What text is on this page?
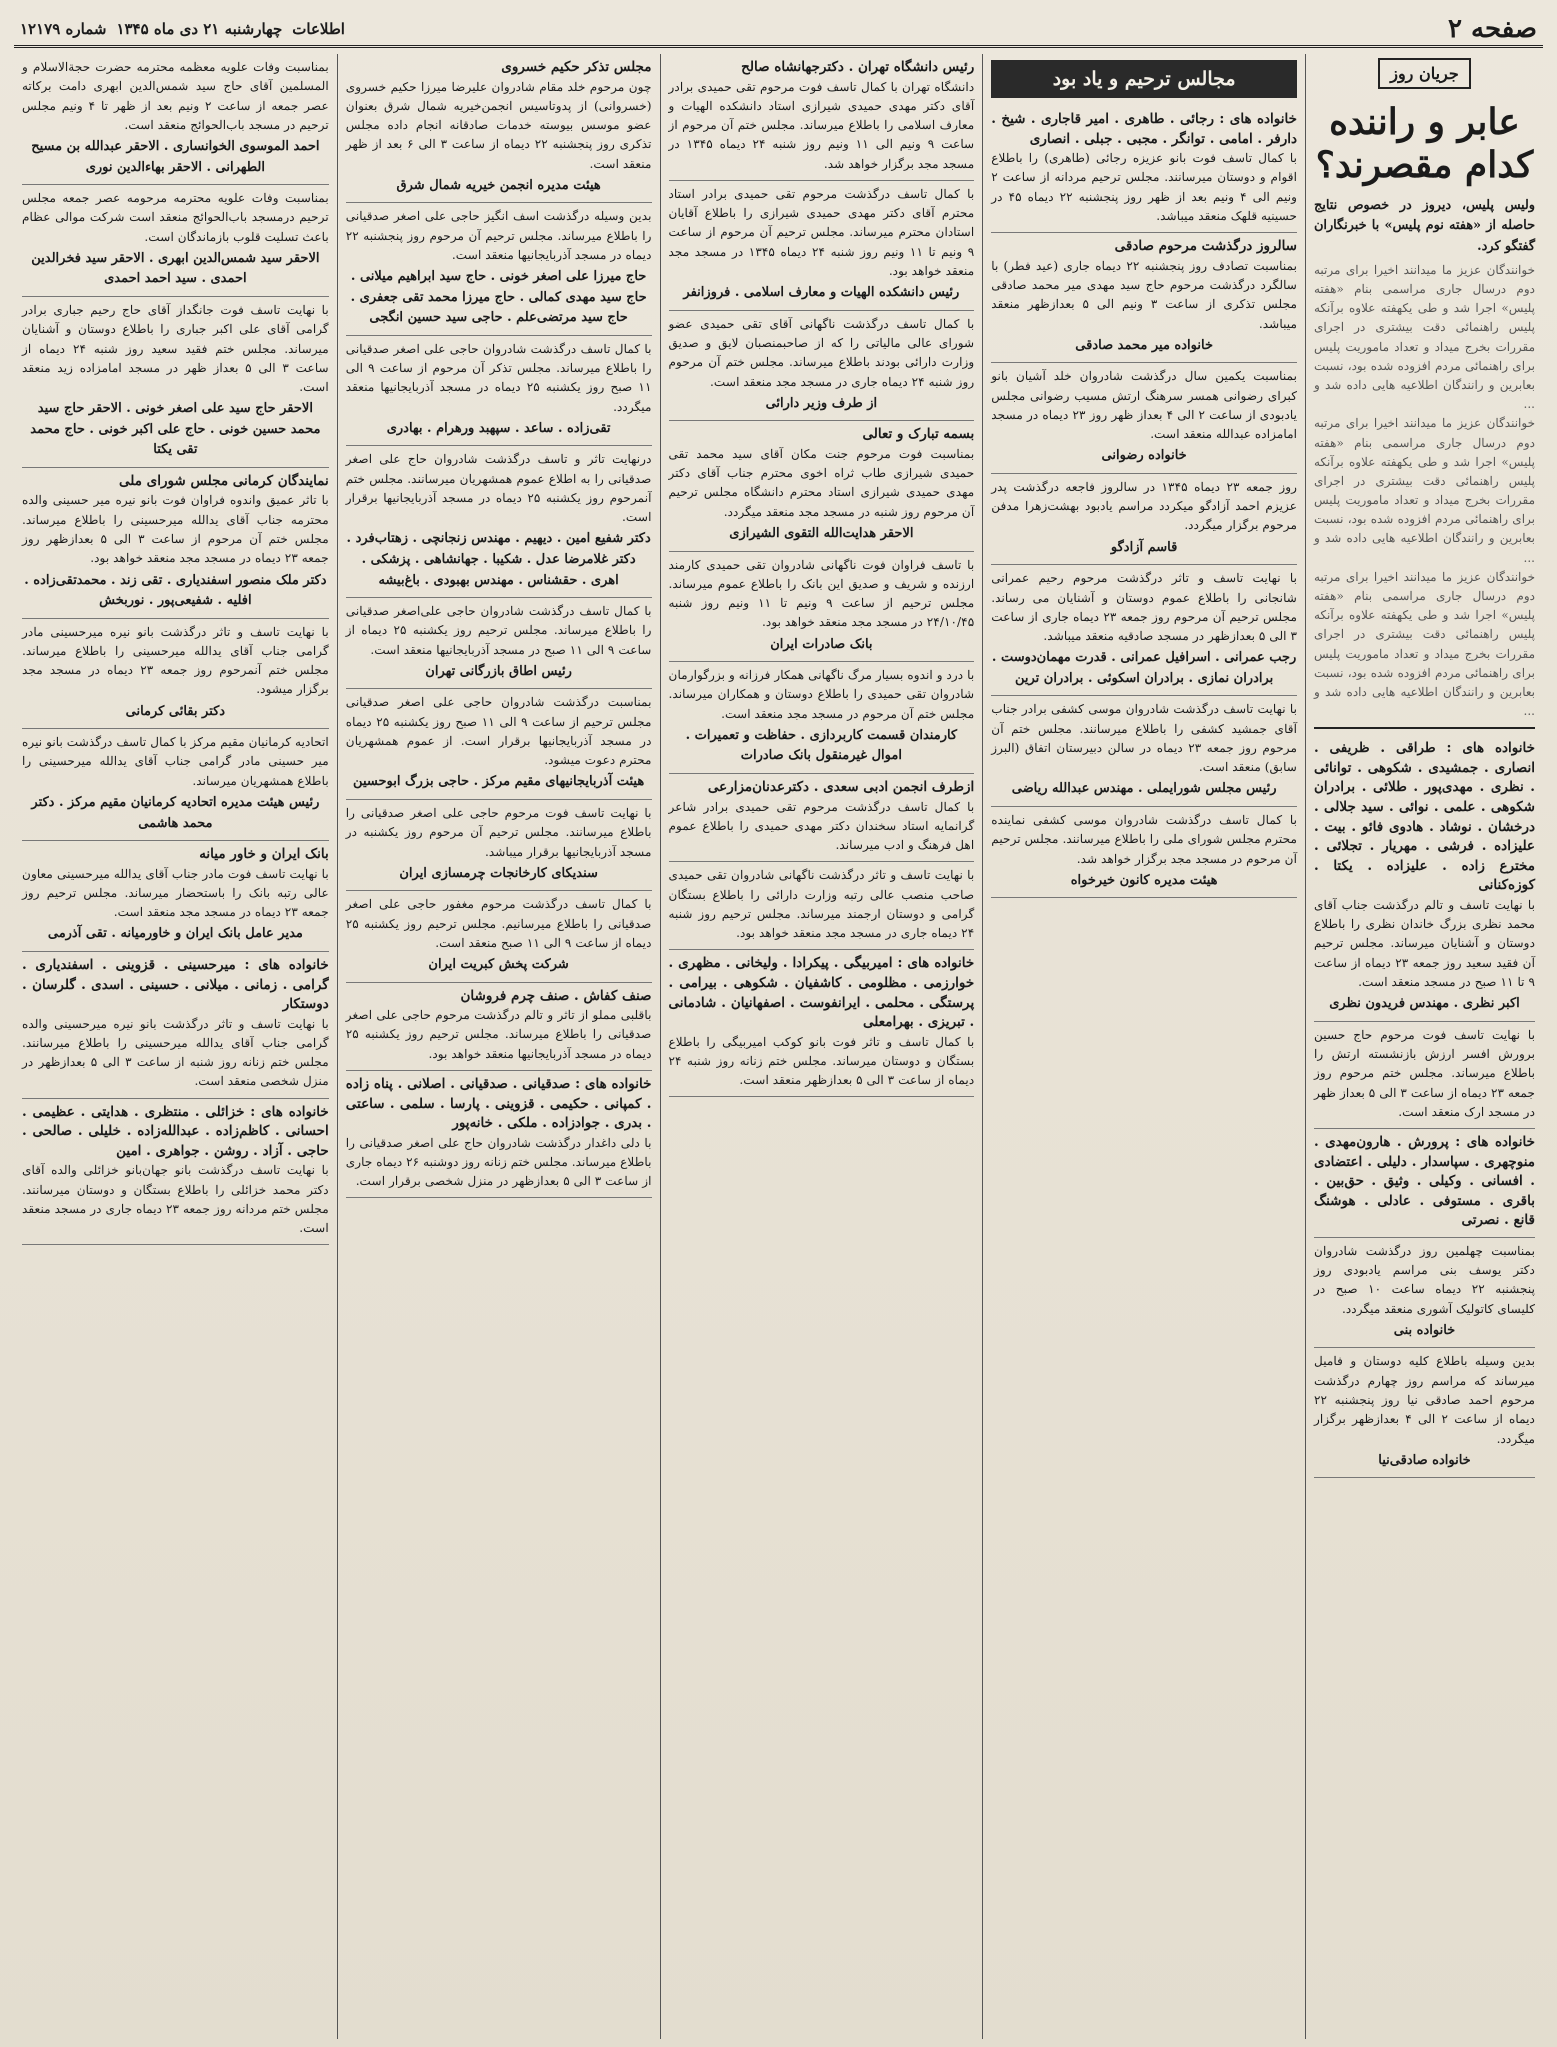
صفحه ۲
اطلاعات
چهارشنبه ۲۱ دی ماه ۱۳۴۵
شماره ۱۲۱۷۹
جریان روز
عابر و راننده کدام مقصرند؟
ولیس پلیس، دیروز در خصوص نتایج حاصله از «هفته نوم پلیس» با خبرنگاران گفتگو کرد.
خوانندگان عزیز ما میدانند اخیرا برای مرتبه دوم درسال جاری مراسمی بنام «هفته پلیس» اجرا شد و طی یکهفته علاوه برآنکه پلیس راهنمائی دقت بیشتری در اجرای مقررات بخرج میداد و تعداد ماموریت پلیس برای راهنمائی مردم افزوده شده بود، نسبت بعابرین و رانندگان اطلاعیه هایی داده شد و ...
خوانندگان عزیز ما میدانند اخیرا برای مرتبه دوم درسال جاری مراسمی بنام «هفته پلیس» اجرا شد و طی یکهفته علاوه برآنکه پلیس راهنمائی دقت بیشتری در اجرای مقررات بخرج میداد و تعداد ماموریت پلیس برای راهنمائی مردم افزوده شده بود، نسبت بعابرین و رانندگان اطلاعیه هایی داده شد و ...
خوانندگان عزیز ما میدانند اخیرا برای مرتبه دوم درسال جاری مراسمی بنام «هفته پلیس» اجرا شد و طی یکهفته علاوه برآنکه پلیس راهنمائی دقت بیشتری در اجرای مقررات بخرج میداد و تعداد ماموریت پلیس برای راهنمائی مردم افزوده شده بود، نسبت بعابرین و رانندگان اطلاعیه هایی داده شد و ...
خانواده های : طراقی . ظریفی . انصاری . جمشیدی . شکوهی . توانائی . نظری . مهدی‌پور . طلائی . برادران شکوهی . علمی . نوائی . سید جلالی . درخشان . نوشاد . هادوی فائو . بیت . علیزاده . فرشی . مهریار . تجلائی . مخترع زاده . علیزاده . یکتا . کوزه‌کنانی
با نهایت تاسف و تالم درگذشت جناب آقای محمد نظری بزرگ خاندان نظری را باطلاع دوستان و آشنایان میرساند. مجلس ترحیم آن فقید سعید روز جمعه ۲۳ دیماه از ساعت ۹ تا ۱۱ صبح در مسجد منعقد است.
اکبر نظری . مهندس فریدون نظری
با نهایت تاسف فوت مرحوم حاج حسین برورش افسر ارزش بازنشسته ارتش را باطلاع میرساند. مجلس ختم مرحوم روز جمعه ۲۳ دیماه از ساعت ۳ الی ۵ بعداز ظهر در مسجد ارک منعقد است.
خانواده های : پرورش . هارون‌مهدی . منوچهری . سپاسدار . دلیلی . اعتضادی . افسانی . وکیلی . وثیق . حق‌بین . باقری . مستوفی . عادلی . هوشنگ قانع . نصرتی
بمناسبت چهلمین روز درگذشت شادروان دکتر یوسف بنی مراسم یادبودی روز پنجشنبه ۲۲ دیماه ساعت ۱۰ صبح در کلیسای کاتولیک آشوری منعقد میگردد.
خانواده بنی
بدین وسیله باطلاع کلیه دوستان و فامیل میرساند که مراسم روز چهارم درگذشت مرحوم احمد صادقی نیا روز پنجشنبه ۲۲ دیماه از ساعت ۲ الی ۴ بعدازظهر برگزار میگردد.
خانواده صادقی‌نیا
مجالس ترحیم و یاد بود
خانواده های : رجائی . طاهری . امیر قاجاری . شیخ . دارفر . امامی . توانگر . مجبی . جبلی . انصاری
با کمال تاسف فوت بانو عزیزه رجائی (طاهری) را باطلاع اقوام و دوستان میرسانند. مجلس ترحیم مردانه از ساعت ۲ ونیم الی ۴ ونیم بعد از ظهر روز پنجشنبه ۲۲ دیماه ۴۵ در حسینیه قلهک منعقد میباشد.
سالروز درگذشت مرحوم صادقی
بمناسبت تصادف روز پنجشنبه ۲۲ دیماه جاری (عید فطر) با سالگرد درگذشت مرحوم حاج سید مهدی میر محمد صادقی مجلس تذکری از ساعت ۳ ونیم الی ۵ بعدازظهر منعقد میباشد.
خانواده میر محمد صادقی
بمناسبت یکمین سال درگذشت شادروان خلد آشیان بانو کبرای رضوانی همسر سرهنگ ارتش مسیب رضوانی مجلس یادبودی از ساعت ۲ الی ۴ بعداز ظهر روز ۲۳ دیماه در مسجد امامزاده عبدالله منعقد است.
خانواده رضوانی
روز جمعه ۲۳ دیماه ۱۳۴۵ در سالروز فاجعه درگذشت پدر عزیزم احمد آزادگو میکردد مراسم یادبود بهشت‌زهرا مدفن مرحوم برگزار میگردد.
قاسم آزادگو
با نهایت تاسف و تاثر درگذشت مرحوم رحیم عمرانی شانجانی را باطلاع عموم دوستان و آشنایان می رساند. مجلس ترحیم آن مرحوم روز جمعه ۲۳ دیماه جاری از ساعت ۳ الی ۵ بعدازظهر در مسجد صادقیه منعقد میباشد.
رجب عمرانی . اسرافیل عمرانی . قدرت مهمان‌دوست . برادران نمازی . برادران اسکوئی . برادران ترین
با نهایت تاسف درگذشت شادروان موسی کشفی برادر جناب آقای جمشید کشفی را باطلاع میرسانند. مجلس ختم آن مرحوم روز جمعه ۲۳ دیماه در سالن دبیرستان اتفاق (البرز سابق) منعقد است.
رئیس مجلس شورایملی . مهندس عبدالله ریاضی
با کمال تاسف درگذشت شادروان موسی کشفی نماینده محترم مجلس شورای ملی را باطلاع میرسانند. مجلس ترحیم آن مرحوم در مسجد مجد برگزار خواهد شد.
هیئت مدیره کانون خیرخواه
رئیس دانشگاه تهران . دکترجهانشاه صالح
دانشگاه تهران با کمال تاسف فوت مرحوم تقی حمیدی برادر آقای دکتر مهدی حمیدی شیرازی استاد دانشکده الهیات و معارف اسلامی را باطلاع میرساند. مجلس ختم آن مرحوم از ساعت ۹ ونیم الی ۱۱ ونیم روز شنبه ۲۴ دیماه ۱۳۴۵ در مسجد مجد برگزار خواهد شد.
با کمال تاسف درگذشت مرحوم تقی حمیدی برادر استاد محترم آقای دکتر مهدی حمیدی شیرازی را باطلاع آقایان استادان محترم میرساند. مجلس ترحیم آن مرحوم از ساعت ۹ ونیم تا ۱۱ ونیم روز شنبه ۲۴ دیماه ۱۳۴۵ در مسجد مجد منعقد خواهد بود.
رئیس دانشکده الهیات و معارف اسلامی . فروزانفر
با کمال تاسف درگذشت ناگهانی آقای تقی حمیدی عضو شورای عالی مالیاتی را که از صاحبمنصبان لایق و صدیق وزارت دارائی بودند باطلاع میرساند. مجلس ختم آن مرحوم روز شنبه ۲۴ دیماه جاری در مسجد مجد منعقد است.
از طرف وزیر دارائی
بسمه تبارک و تعالی
بمناسبت فوت مرحوم جنت مکان آقای سید محمد تقی حمیدی شیرازی طاب ثراه اخوی محترم جناب آقای دکتر مهدی حمیدی شیرازی استاد محترم دانشگاه مجلس ترحیم آن مرحوم روز شنبه در مسجد مجد منعقد میگردد.
الاحقر هدایت‌الله التقوی الشیرازی
با تاسف فراوان فوت ناگهانی شادروان تقی حمیدی کارمند ارزنده و شریف و صدیق این بانک را باطلاع عموم میرساند. مجلس ترحیم از ساعت ۹ ونیم تا ۱۱ ونیم روز شنبه ۲۴/۱۰/۴۵ در مسجد مجد منعقد خواهد بود.
بانک صادرات ایران
با درد و اندوه بسیار مرگ ناگهانی همکار فرزانه و بزرگوارمان شادروان تقی حمیدی را باطلاع دوستان و همکاران میرساند. مجلس ختم آن مرحوم در مسجد مجد منعقد است.
کارمندان قسمت کاربردازی . حفاظت و تعمیرات . اموال غیرمنقول بانک صادرات
ازطرف انجمن ادبی سعدی . دکترعدنان‌مزارعی
با کمال تاسف درگذشت مرحوم تقی حمیدی برادر شاعر گرانمایه استاد سخندان دکتر مهدی حمیدی را باطلاع عموم اهل فرهنگ و ادب میرساند.
با نهایت تاسف و تاثر درگذشت ناگهانی شادروان تقی حمیدی صاحب منصب عالی رتبه وزارت دارائی را باطلاع بستگان گرامی و دوستان ارجمند میرساند. مجلس ترحیم روز شنبه ۲۴ دیماه جاری در مسجد مجد منعقد خواهد بود.
خانواده های : امیربیگی . پیکرادا . ولیخانی . مظهری . خوارزمی . مظلومی . کاشفیان . شکوهی . بیرامی . پرستگی . محلمی . ایرانفوست . اصفهانیان . شادمانی . تبریزی . بهرامعلی
با کمال تاسف و تاثر فوت بانو کوکب امیربیگی را باطلاع بستگان و دوستان میرساند. مجلس ختم زنانه روز شنبه ۲۴ دیماه از ساعت ۳ الی ۵ بعدازظهر منعقد است.
مجلس تذکر حکیم خسروی
چون مرحوم خلد مقام شادروان علیرضا میرزا حکیم خسروی (خسروانی) از پدوتاسیس انجمن‌خیریه شمال شرق بعنوان عضو موسس بیوسته خدمات صادقانه انجام داده مجلس تذکری روز پنجشنبه ۲۲ دیماه از ساعت ۳ الی ۶ بعد از ظهر منعقد است.
هیئت مدیره انجمن خیریه شمال شرق
بدین وسیله درگذشت اسف انگیز حاجی علی اصغر صدقیانی را باطلاع میرساند. مجلس ترحیم آن مرحوم روز پنجشنبه ۲۲ دیماه در مسجد آذربایجانیها منعقد است.
حاج میرزا علی اصغر خونی . حاج سید ابراهیم میلانی . حاج سید مهدی کمالی . حاج میرزا محمد تقی جعفری . حاج سید مرتضی‌علم . حاجی سید حسین انگجی
با کمال تاسف درگذشت شادروان حاجی علی اصغر صدقیانی را باطلاع میرساند. مجلس تذکر آن مرحوم از ساعت ۹ الی ۱۱ صبح روز یکشنبه ۲۵ دیماه در مسجد آذربایجانیها منعقد میگردد.
تقی‌زاده . ساعد . سپهبد ورهرام . بهادری
درنهایت تاثر و تاسف درگذشت شادروان حاج علی اصغر صدقیانی را به اطلاع عموم همشهریان میرسانند. مجلس ختم آنمرحوم روز یکشنبه ۲۵ دیماه در مسجد آذربایجانیها برقرار است.
دکتر شفیع امین . دیهیم . مهندس زنجانچی . زهتاب‌فرد . دکتر غلامرضا عدل . شکیبا . جهانشاهی . پزشکی . اهری . حقشناس . مهندس بهبودی . باغ‌بیشه
با کمال تاسف درگذشت شادروان حاجی علی‌اصغر صدقیانی را باطلاع میرساند. مجلس ترحیم روز یکشنبه ۲۵ دیماه از ساعت ۹ الی ۱۱ صبح در مسجد آذربایجانیها منعقد است.
رئیس اطاق بازرگانی تهران
بمناسبت درگذشت شادروان حاجی علی اصغر صدقیانی مجلس ترحیم از ساعت ۹ الی ۱۱ صبح روز یکشنبه ۲۵ دیماه در مسجد آذربایجانیها برقرار است. از عموم همشهریان محترم دعوت میشود.
هیئت آذربایجانیهای مقیم مرکز . حاجی بزرگ ابوحسین
با نهایت تاسف فوت مرحوم حاجی علی اصغر صدقیانی را باطلاع میرسانند. مجلس ترحیم آن مرحوم روز یکشنبه در مسجد آذربایجانیها برقرار میباشد.
سندیکای کارخانجات چرمسازی ایران
با کمال تاسف درگذشت مرحوم مغفور حاجی علی اصغر صدقیانی را باطلاع میرسانیم. مجلس ترحیم روز یکشنبه ۲۵ دیماه از ساعت ۹ الی ۱۱ صبح منعقد است.
شرکت پخش کبریت ایران
صنف کفاش . صنف چرم فروشان
باقلبی مملو از تاثر و تالم درگذشت مرحوم حاجی علی اصغر صدقیانی را باطلاع میرساند. مجلس ترحیم روز یکشنبه ۲۵ دیماه در مسجد آذربایجانیها منعقد خواهد بود.
خانواده های : صدقیانی . صدقیانی . اصلانی . پناه زاده . کمپانی . حکیمی . قزوینی . پارسا . سلمی . ساعتی . بدری . جوادزاده . ملکی . خانه‌پور
با دلی داغدار درگذشت شادروان حاج علی اصغر صدقیانی را باطلاع میرساند. مجلس ختم زنانه روز دوشنبه ۲۶ دیماه جاری از ساعت ۳ الی ۵ بعدازظهر در منزل شخصی برقرار است.
بمناسبت وفات علویه معظمه محترمه حضرت حجةالاسلام و المسلمین آقای حاج سید شمس‌الدین ابهری دامت برکاته عصر جمعه از ساعت ۲ ونیم بعد از ظهر تا ۴ ونیم مجلس ترحیم در مسجد باب‌الحوائج منعقد است.
احمد الموسوی الخوانساری . الاحقر عبدالله بن مسیح الطهرانی . الاحقر بهاءالدین نوری
بمناسبت وفات علویه محترمه مرحومه عصر جمعه مجلس ترحیم درمسجد باب‌الحوائج منعقد است شرکت موالی عظام باعث تسلیت قلوب بازماندگان است.
الاحقر سید شمس‌الدین ابهری . الاحقر سید فخرالدین احمدی . سید احمد احمدی
با نهایت تاسف فوت جانگداز آقای حاج رحیم جباری برادر گرامی آقای علی اکبر جباری را باطلاع دوستان و آشنایان میرساند. مجلس ختم فقید سعید روز شنبه ۲۴ دیماه از ساعت ۳ الی ۵ بعداز ظهر در مسجد امامزاده زید منعقد است.
الاحقر حاج سید علی اصغر خونی . الاحقر حاج سید محمد حسین خونی . حاج علی اکبر خونی . حاج محمد تقی یکتا
نمایندگان کرمانی مجلس شورای ملی
با تاثر عمیق واندوه فراوان فوت بانو نیره میر حسینی والده محترمه جناب آقای یدالله میرحسینی را باطلاع میرساند. مجلس ختم آن مرحوم از ساعت ۳ الی ۵ بعدازظهر روز جمعه ۲۳ دیماه در مسجد مجد منعقد خواهد بود.
دکتر ملک منصور اسفندیاری . تقی زند . محمدتقی‌زاده . افلیه . شفیعی‌پور . نوربخش
با نهایت تاسف و تاثر درگذشت بانو نیره میرحسینی مادر گرامی جناب آقای یدالله میرحسینی را باطلاع میرساند. مجلس ختم آنمرحوم روز جمعه ۲۳ دیماه در مسجد مجد برگزار میشود.
دکتر بقائی کرمانی
اتحادیه کرمانیان مقیم مرکز با کمال تاسف درگذشت بانو نیره میر حسینی مادر گرامی جناب آقای یدالله میرحسینی را باطلاع همشهریان میرساند.
رئیس هیئت مدیره اتحادیه کرمانیان مقیم مرکز . دکتر محمد هاشمی
بانک ایران و خاور میانه
با نهایت تاسف فوت مادر جناب آقای یدالله میرحسینی معاون عالی رتبه بانک را باستحضار میرساند. مجلس ترحیم روز جمعه ۲۳ دیماه در مسجد مجد منعقد است.
مدیر عامل بانک ایران و خاورمیانه . تقی آذرمی
خانواده های : میرحسینی . قزوینی . اسفندیاری . گرامی . زمانی . میلانی . حسینی . اسدی . گلرسان . دوستکار
با نهایت تاسف و تاثر درگذشت بانو نیره میرحسینی والده گرامی جناب آقای یدالله میرحسینی را باطلاع میرسانند. مجلس ختم زنانه روز شنبه از ساعت ۳ الی ۵ بعدازظهر در منزل شخصی منعقد است.
خانواده های : خزائلی . منتظری . هدایتی . عظیمی . احسانی . کاظم‌زاده . عبدالله‌زاده . خلیلی . صالحی . حاجی . آزاد . روشن . جواهری . امین
با نهایت تاسف درگذشت بانو جهان‌بانو خزائلی والده آقای دکتر محمد خزائلی را باطلاع بستگان و دوستان میرسانند. مجلس ختم مردانه روز جمعه ۲۳ دیماه جاری در مسجد منعقد است.
